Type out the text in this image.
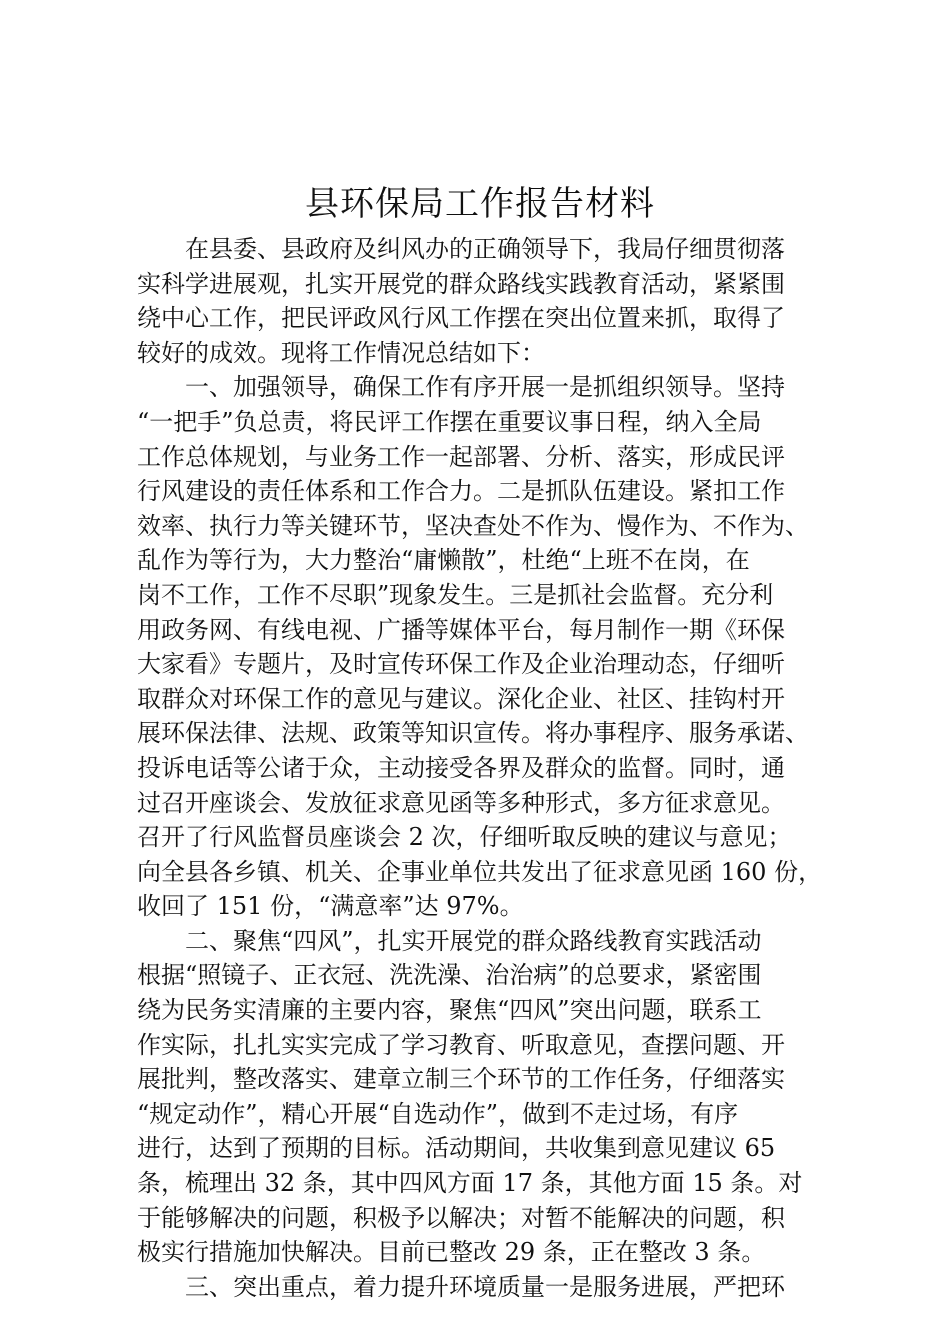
县环保局工作报告材料
在县委、县政府及纠风办的正确领导下，我局仔细贯彻落
实科学进展观，扎实开展党的群众路线实践教育活动，紧紧围
绕中心工作，把民评政风行风工作摆在突出位置来抓，取得了
较好的成效。现将工作情况总结如下：
一、加强领导，确保工作有序开展一是抓组织领导。坚持
“一把手”负总责，将民评工作摆在重要议事日程，纳入全局
工作总体规划，与业务工作一起部署、分析、落实，形成民评
行风建设的责任体系和工作合力。二是抓队伍建设。紧扣工作
效率、执行力等关键环节，坚决查处不作为、慢作为、不作为、
乱作为等行为，大力整治“庸懒散”，杜绝“上班不在岗，在
岗不工作，工作不尽职”现象发生。三是抓社会监督。充分利
用政务网、有线电视、广播等媒体平台，每月制作一期《环保
大家看》专题片，及时宣传环保工作及企业治理动态，仔细听
取群众对环保工作的意见与建议。深化企业、社区、挂钩村开
展环保法律、法规、政策等知识宣传。将办事程序、服务承诺、
投诉电话等公诸于众，主动接受各界及群众的监督。同时，通
过召开座谈会、发放征求意见函等多种形式，多方征求意见。
召开了行风监督员座谈会 2 次，仔细听取反映的建议与意见；
向全县各乡镇、机关、企事业单位共发出了征求意见函 160 份，
收回了 151 份，“满意率”达 97%。
二、聚焦“四风”，扎实开展党的群众路线教育实践活动
根据“照镜子、正衣冠、洗洗澡、治治病”的总要求，紧密围
绕为民务实清廉的主要内容，聚焦“四风”突出问题，联系工
作实际，扎扎实实完成了学习教育、听取意见，查摆问题、开
展批判，整改落实、建章立制三个环节的工作任务，仔细落实
“规定动作”，精心开展“自选动作”，做到不走过场，有序
进行，达到了预期的目标。活动期间，共收集到意见建议 65
条，梳理出 32 条，其中四风方面 17 条，其他方面 15 条。对
于能够解决的问题，积极予以解决；对暂不能解决的问题，积
极实行措施加快解决。目前已整改 29 条，正在整改 3 条。
三、突出重点，着力提升环境质量一是服务进展，严把环
